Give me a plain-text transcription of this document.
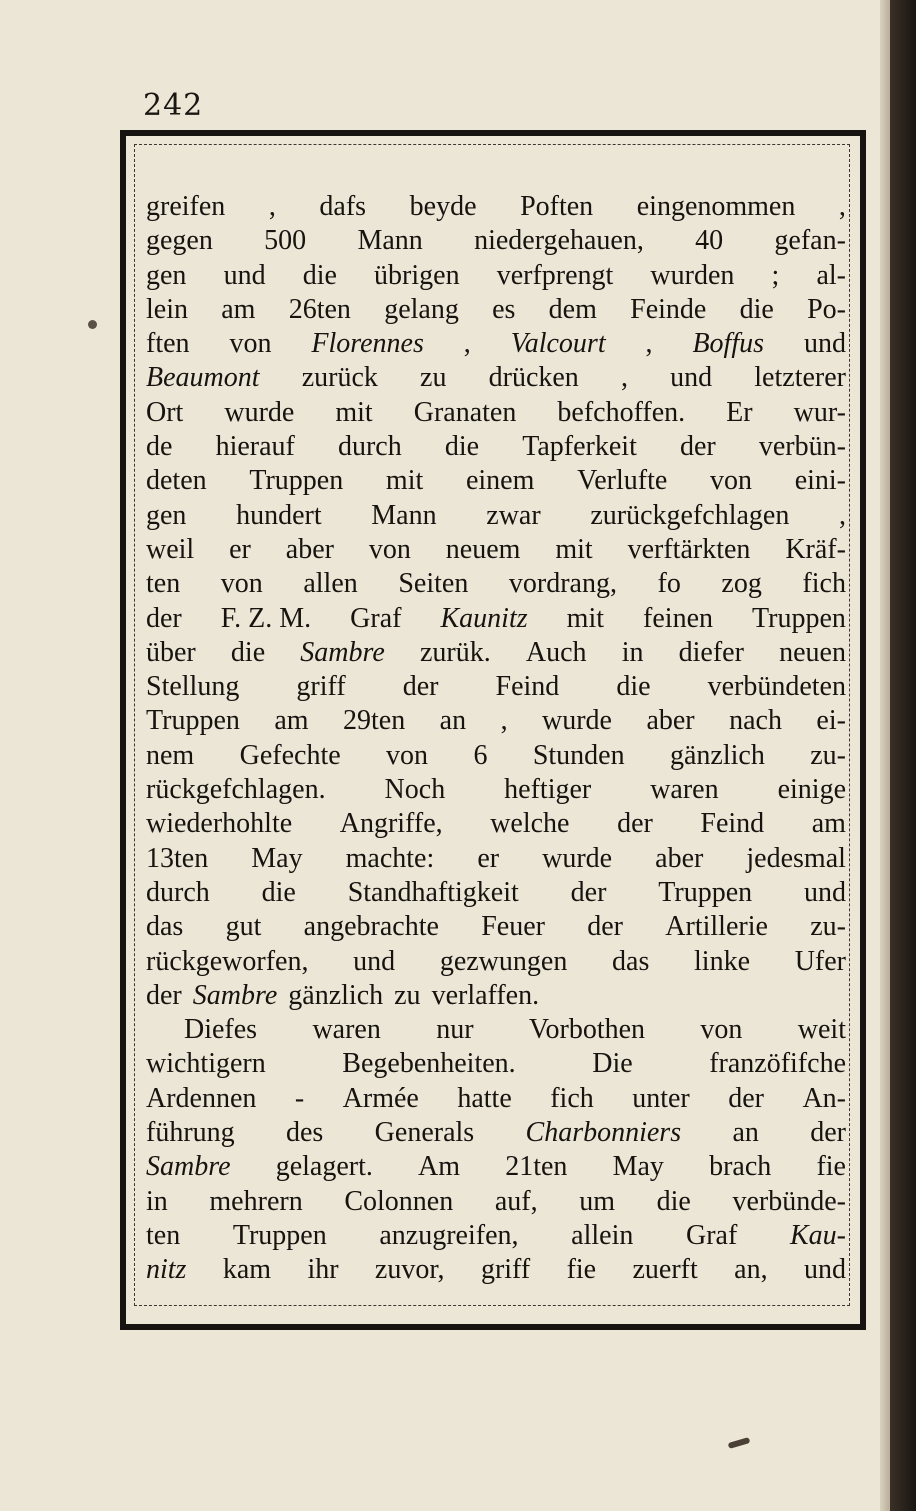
242
greifen , dafs beyde Poften eingenommen ,
gegen 500 Mann niedergehauen, 40 gefan-
gen und die übrigen verfprengt wurden ; al-
lein am 26ten gelang es dem Feinde die Po-
ften von Florennes , Valcourt , Boffus und
Beaumont zurück zu drücken , und letzterer
Ort wurde mit Granaten befchoffen. Er wur-
de hierauf durch die Tapferkeit der verbün-
deten Truppen mit einem Verlufte von eini-
gen hundert Mann zwar zurückgefchlagen ,
weil er aber von neuem mit verftärkten Kräf-
ten von allen Seiten vordrang, fo zog fich
der F. Z. M. Graf Kaunitz mit feinen Truppen
über die Sambre zurük. Auch in diefer neuen
Stellung griff der Feind die verbündeten
Truppen am 29ten an , wurde aber nach ei-
nem Gefechte von 6 Stunden gänzlich zu-
rückgefchlagen. Noch heftiger waren einige
wiederhohlte Angriffe, welche der Feind am
13ten May machte: er wurde aber jedesmal
durch die Standhaftigkeit der Truppen und
das gut angebrachte Feuer der Artillerie zu-
rückgeworfen, und gezwungen das linke Ufer
der Sambre gänzlich zu verlaffen.
Diefes waren nur Vorbothen von weit
wichtigern	Begebenheiten.	Die	franzöfifche
Ardennen - Armée hatte fich unter der An-
führung des Generals Charbonniers an der
Sambre gelagert. Am 21ten May brach fie
in mehrern Colonnen auf, um die verbünde-
ten Truppen anzugreifen, allein Graf Kau-
nitz kam ihr zuvor, griff fie zuerft an, und
